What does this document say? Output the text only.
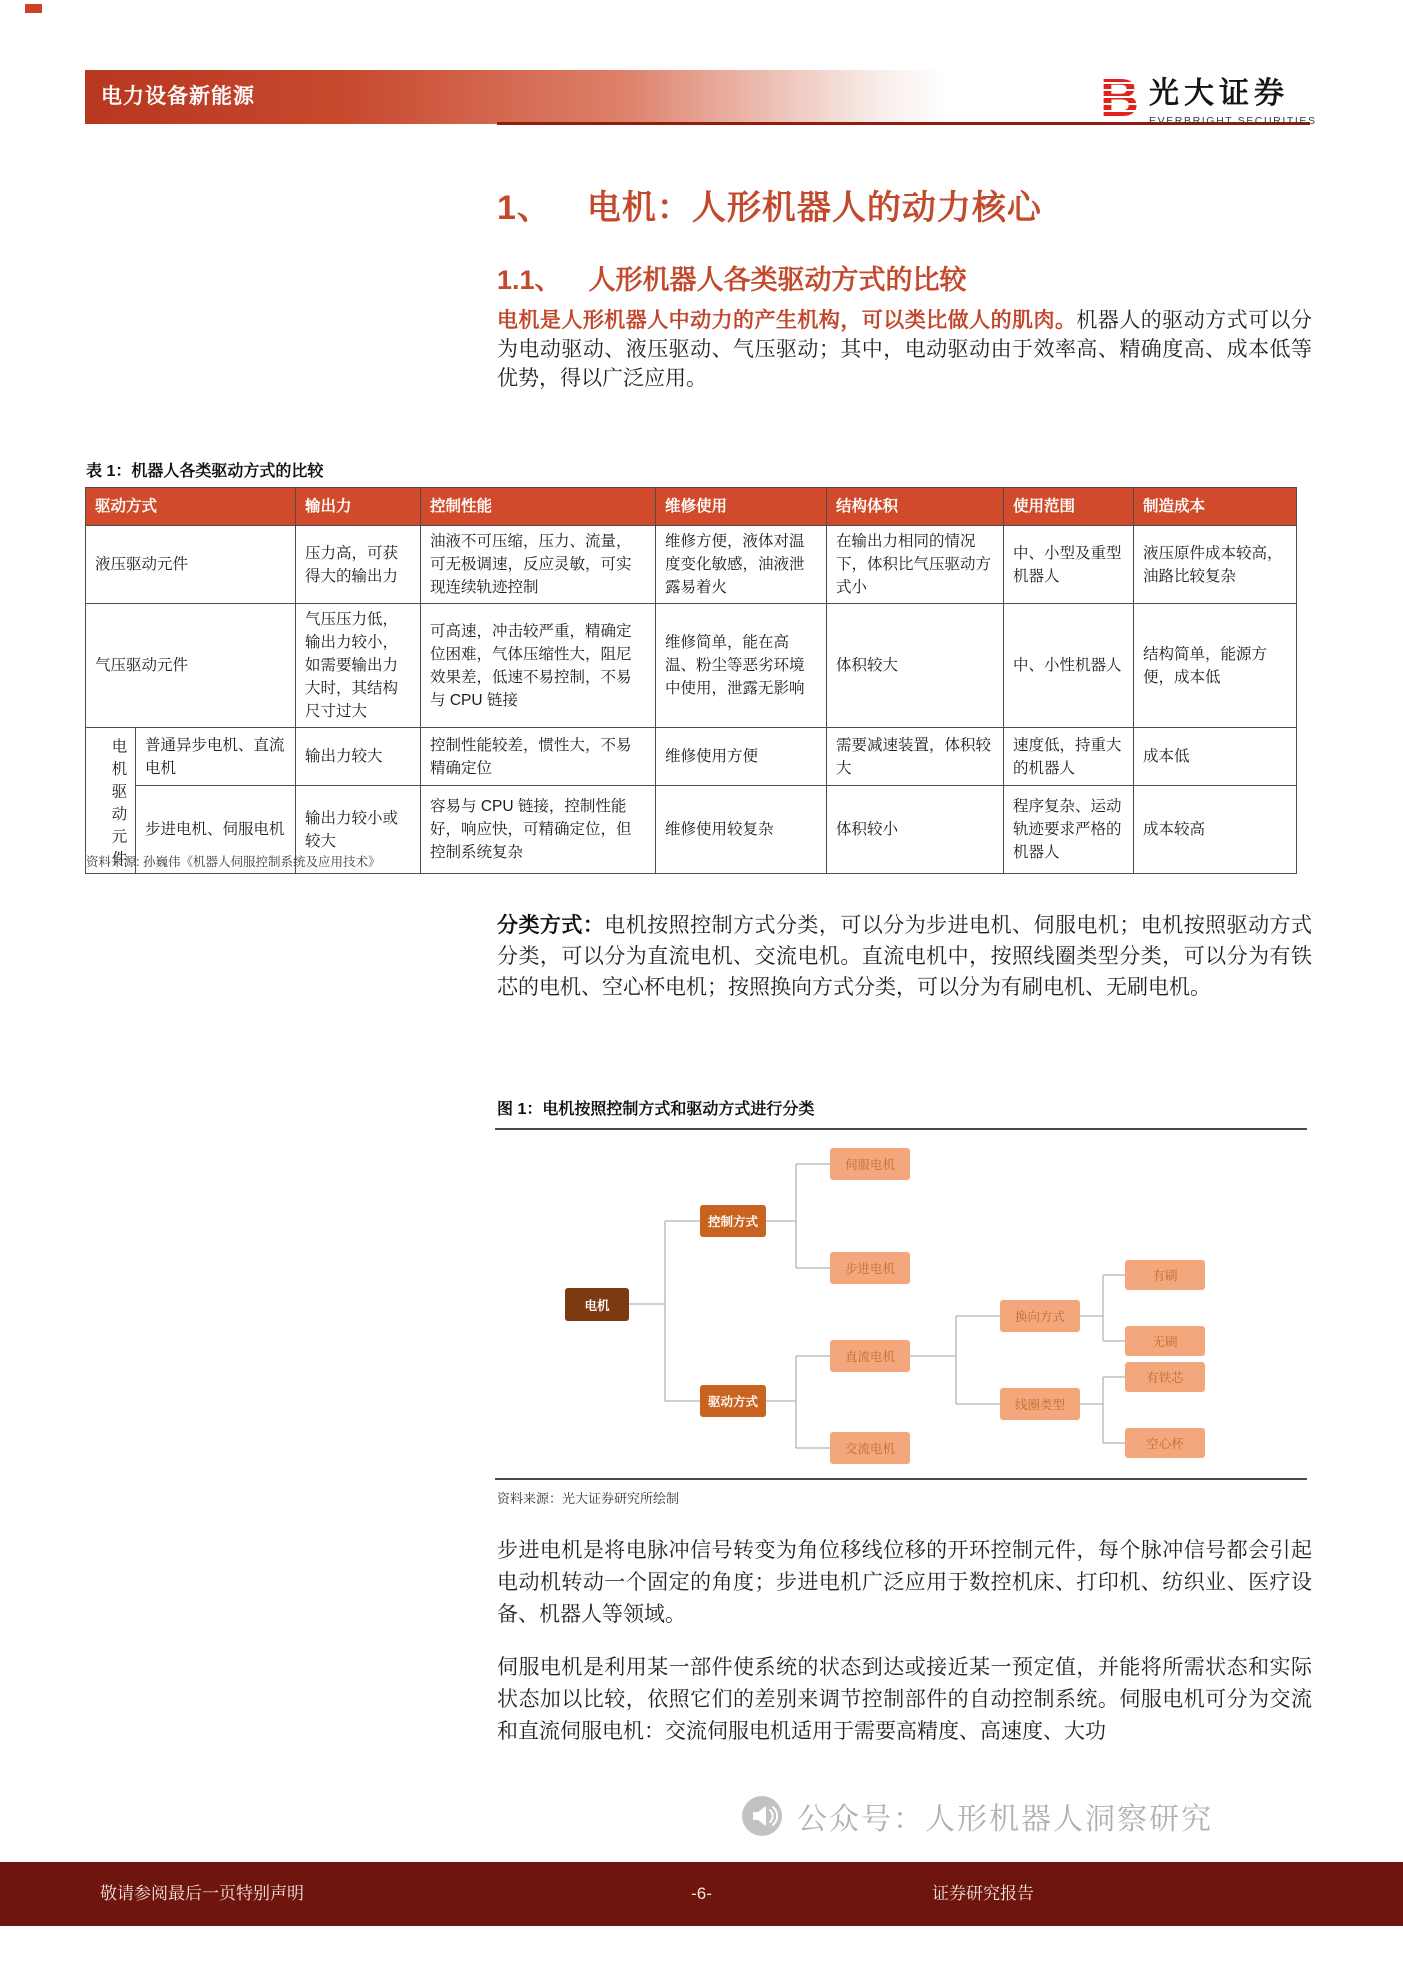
电力设备新能源	B 光大证券
EVERBRIGHT SECURITIES
1、 电机：人形机器人的动力核心
1.1、 人形机器人各类驱动方式的比较

电机是人形机器人中动力的产生机构，可以类比做人的肌肉。机器人的驱动方式可以分为电动驱动、液压驱动、气压驱动；其中，电动驱动由于效率高、精确度高、成本低等优势，得以广泛应用。

表 1：机器人各类驱动方式的比较
驱动方式		输出力	控制性能	维修使用	结构体积	使用范围	制造成本
液压驱动元件		压力高，可获得大的输出力	油液不可压缩，压力、流量，可无极调速，反应灵敏，可实现连续轨迹控制	维修方便，液体对温度变化敏感，油液泄露易着火	在输出力相同的情况下，体积比气压驱动方式小	中、小型及重型机器人	液压原件成本较高，油路比较复杂
气压驱动元件		气压压力低，输出力较小，如需要输出力大时，其结构尺寸过大	可高速，冲击较严重，精确定位困难，气体压缩性大，阻尼效果差，低速不易控制，不易与 CPU 链接	维修简单，能在高温、粉尘等恶劣环境中使用，泄露无影响	体积较大	中、小性机器人	结构简单，能源方便，成本低
电机驱动元件	普通异步电机、直流电机	输出力较大	控制性能较差，惯性大，不易精确定位	维修使用方便	需要减速装置，体积较大	速度低，持重大的机器人	成本低
	步进电机、伺服电机	输出力较小或较大	容易与 CPU 链接，控制性能好，响应快，可精确定位，但控制系统复杂	维修使用较复杂	体积较小	程序复杂、运动轨迹要求严格的机器人	成本较高
资料来源: 孙巍伟《机器人伺服控制系统及应用技术》

分类方式：电机按照控制方式分类，可以分为步进电机、伺服电机；电机按照驱动方式分类，可以分为直流电机、交流电机。直流电机中，按照线圈类型分类，可以分为有铁芯的电机、空心杯电机；按照换向方式分类，可以分为有刷电机、无刷电机。

图 1：电机按照控制方式和驱动方式进行分类
电机
控制方式
驱动方式
伺服电机
步进电机
直流电机
交流电机
换向方式
线圈类型
有刷
无刷
有铁芯
空心杯
资料来源：光大证券研究所绘制

步进电机是将电脉冲信号转变为角位移线位移的开环控制元件，每个脉冲信号都会引起电动机转动一个固定的角度；步进电机广泛应用于数控机床、打印机、纺织业、医疗设备、机器人等领域。

伺服电机是利用某一部件使系统的状态到达或接近某一预定值，并能将所需状态和实际状态加以比较，依照它们的差别来调节控制部件的自动控制系统。伺服电机可分为交流和直流伺服电机：交流伺服电机适用于需要高精度、高速度、大功

公众号：人形机器人洞察研究
敬请参阅最后一页特别声明	-6-	证券研究报告
